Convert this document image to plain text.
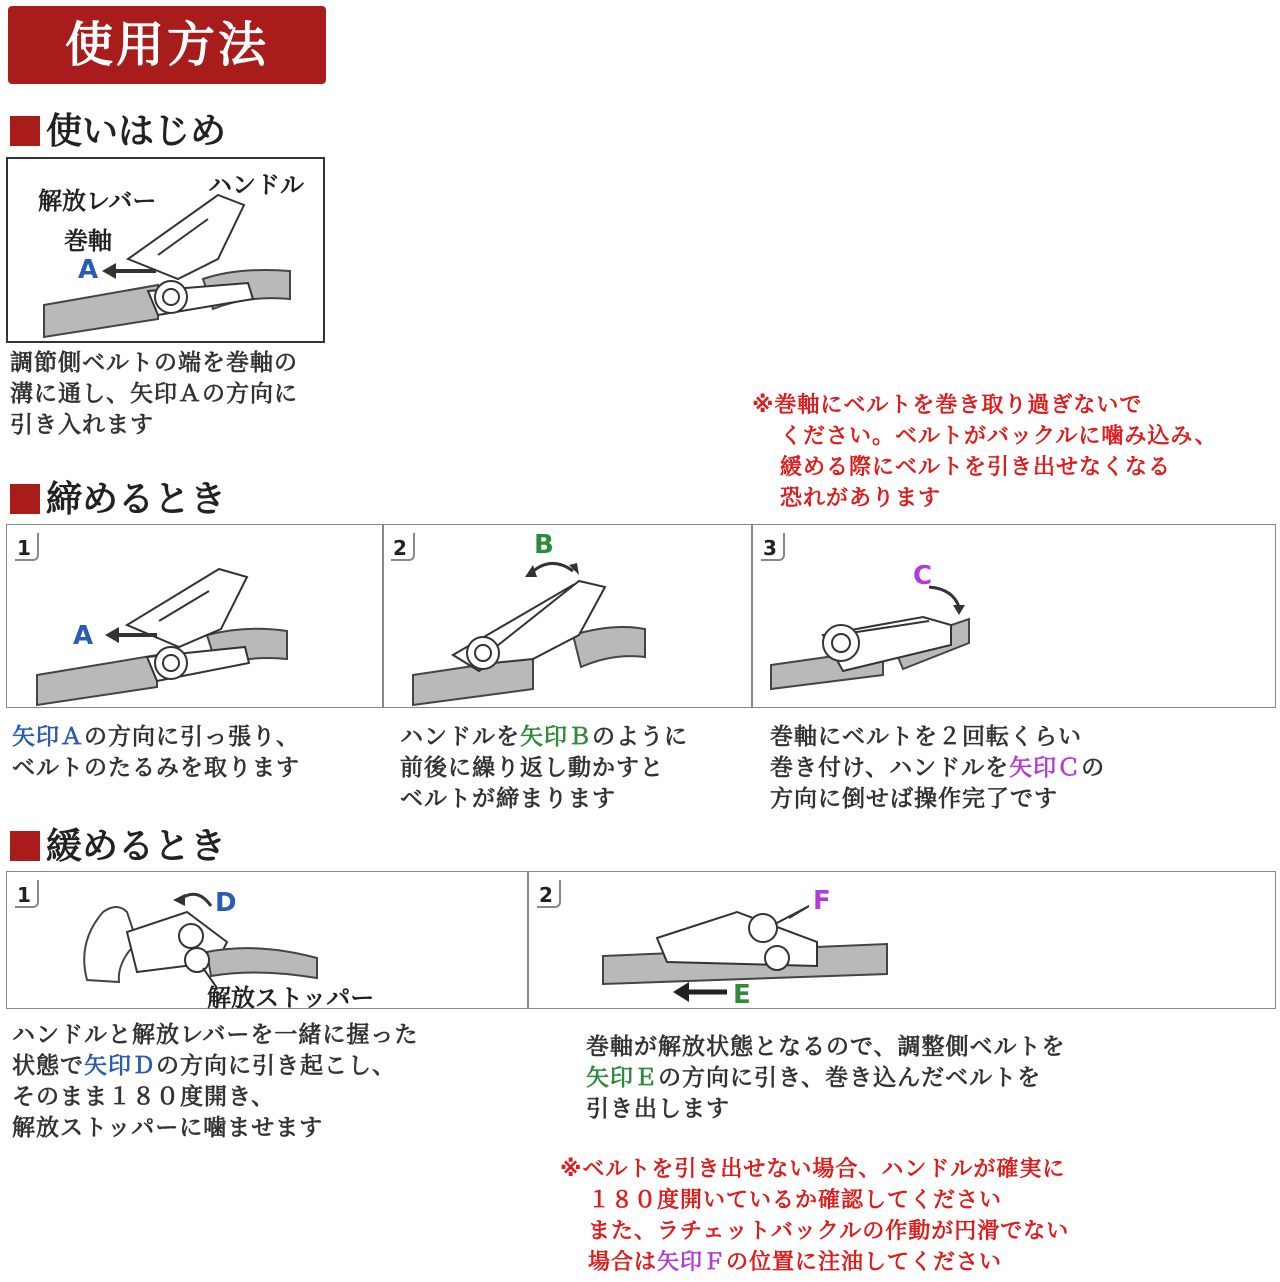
使用方法
使いはじめ
ハンドル
解放レバー
巻軸
A
調節側ベルトの端を巻軸の
溝に通し、矢印Ａの方向に
引き入れます
※巻軸にベルトを巻き取り過ぎないで
ください。ベルトがバックルに噛み込み、
緩める際にベルトを引き出せなくなる
恐れがあります
締めるとき
1
A
2	B	3
C
矢印Ａの方向に引っ張り、
ベルトのたるみを取ります
ハンドルを矢印Ｂのように
前後に繰り返し動かすと
ベルトが締まります
巻軸にベルトを２回転くらい
巻き付け、ハンドルを矢印Ｃの
方向に倒せば操作完了です
緩めるとき
1	D
解放ストッパー
2	F
E
ハンドルと解放レバーを一緒に握った
状態で矢印Ｄの方向に引き起こし、
そのまま１８０度開き、
解放ストッパーに噛ませます
巻軸が解放状態となるので、調整側ベルトを
矢印Ｅの方向に引き、巻き込んだベルトを
引き出します
※ベルトを引き出せない場合、ハンドルが確実に
１８０度開いているか確認してください
また、ラチェットバックルの作動が円滑でない
場合は矢印Ｆの位置に注油してください
